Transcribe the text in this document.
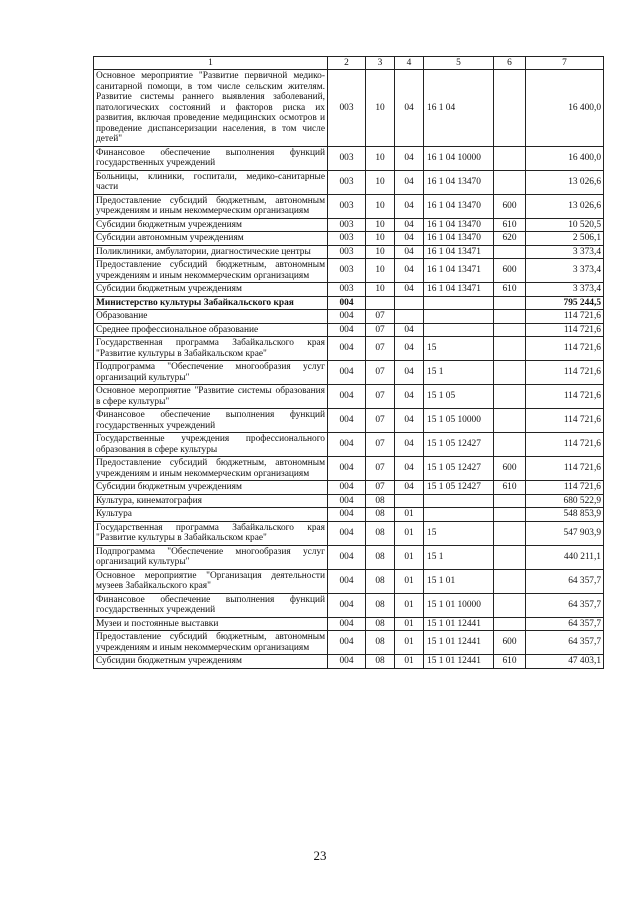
1	2	3	4	5	6	7
Основное мероприятие "Развитие первичной медико-санитарной помощи, в том числе сельским жителям. Развитие системы раннего выявления заболеваний, патологических состояний и факторов риска их развития, включая проведение медицинских осмотров и проведение диспансеризации населения, в том числе детей"	003	10	04	16 1 04		16 400,0
Финансовое обеспечение выполнения функций государственных учреждений	003	10	04	16 1 04 10000		16 400,0
Больницы, клиники, госпитали, медико-санитарные части	003	10	04	16 1 04 13470		13 026,6
Предоставление субсидий бюджетным, автономным учреждениям и иным некоммерческим организациям	003	10	04	16 1 04 13470	600	13 026,6
Субсидии бюджетным учреждениям	003	10	04	16 1 04 13470	610	10 520,5
Субсидии автономным учреждениям	003	10	04	16 1 04 13470	620	2 506,1
Поликлиники, амбулатории, диагностические центры	003	10	04	16 1 04 13471		3 373,4
Предоставление субсидий бюджетным, автономным учреждениям и иным некоммерческим организациям	003	10	04	16 1 04 13471	600	3 373,4
Субсидии бюджетным учреждениям	003	10	04	16 1 04 13471	610	3 373,4
Министерство культуры Забайкальского края	004					795 244,5
Образование	004	07				114 721,6
Среднее профессиональное образование	004	07	04			114 721,6
Государственная программа Забайкальского края "Развитие культуры в Забайкальском крае"	004	07	04	15		114 721,6
Подпрограмма "Обеспечение многообразия услуг организаций культуры"	004	07	04	15 1		114 721,6
Основное мероприятие "Развитие системы образования в сфере культуры"	004	07	04	15 1 05		114 721,6
Финансовое обеспечение выполнения функций государственных учреждений	004	07	04	15 1 05 10000		114 721,6
Государственные учреждения профессионального образования в сфере культуры	004	07	04	15 1 05 12427		114 721,6
Предоставление субсидий бюджетным, автономным учреждениям и иным некоммерческим организациям	004	07	04	15 1 05 12427	600	114 721,6
Субсидии бюджетным учреждениям	004	07	04	15 1 05 12427	610	114 721,6
Культура, кинематография	004	08				680 522,9
Культура	004	08	01			548 853,9
Государственная программа Забайкальского края "Развитие культуры в Забайкальском крае"	004	08	01	15		547 903,9
Подпрограмма "Обеспечение многообразия услуг организаций культуры"	004	08	01	15 1		440 211,1
Основное мероприятие "Организация деятельности музеев Забайкальского края"	004	08	01	15 1 01		64 357,7
Финансовое обеспечение выполнения функций государственных учреждений	004	08	01	15 1 01 10000		64 357,7
Музеи и постоянные выставки	004	08	01	15 1 01 12441		64 357,7
Предоставление субсидий бюджетным, автономным учреждениям и иным некоммерческим организациям	004	08	01	15 1 01 12441	600	64 357,7
Субсидии бюджетным учреждениям	004	08	01	15 1 01 12441	610	47 403,1
23
